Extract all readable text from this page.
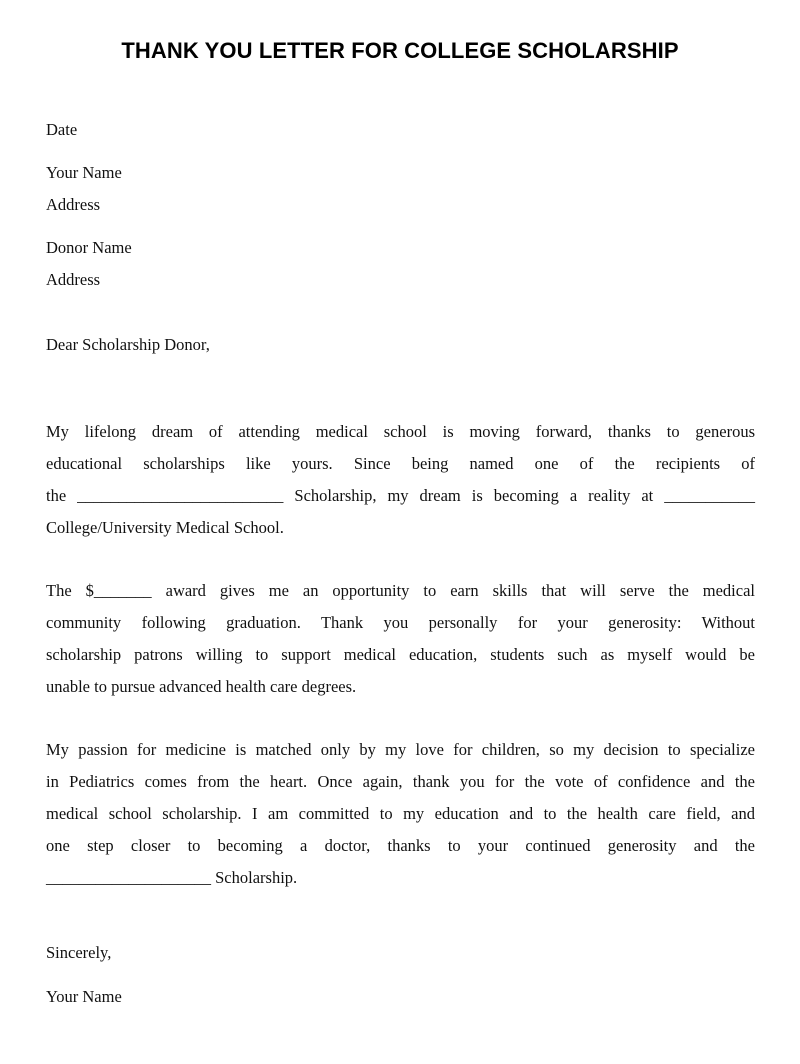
THANK YOU LETTER FOR COLLEGE SCHOLARSHIP
Date
Your Name
Address
Donor Name
Address
Dear Scholarship Donor,
My lifelong dream of attending medical school is moving forward, thanks to generous
educational scholarships like yours. Since being named one of the recipients of
the _________________________ Scholarship, my dream is becoming a reality at ___________
College/University Medical School.
The $_______ award gives me an opportunity to earn skills that will serve the medical
community following graduation. Thank you personally for your generosity: Without
scholarship patrons willing to support medical education, students such as myself would be
unable to pursue advanced health care degrees.
My passion for medicine is matched only by my love for children, so my decision to specialize
in Pediatrics comes from the heart. Once again, thank you for the vote of confidence and the
medical school scholarship. I am committed to my education and to the health care field, and
one step closer to becoming a doctor, thanks to your continued generosity and the
____________________ Scholarship.
Sincerely,
Your Name
